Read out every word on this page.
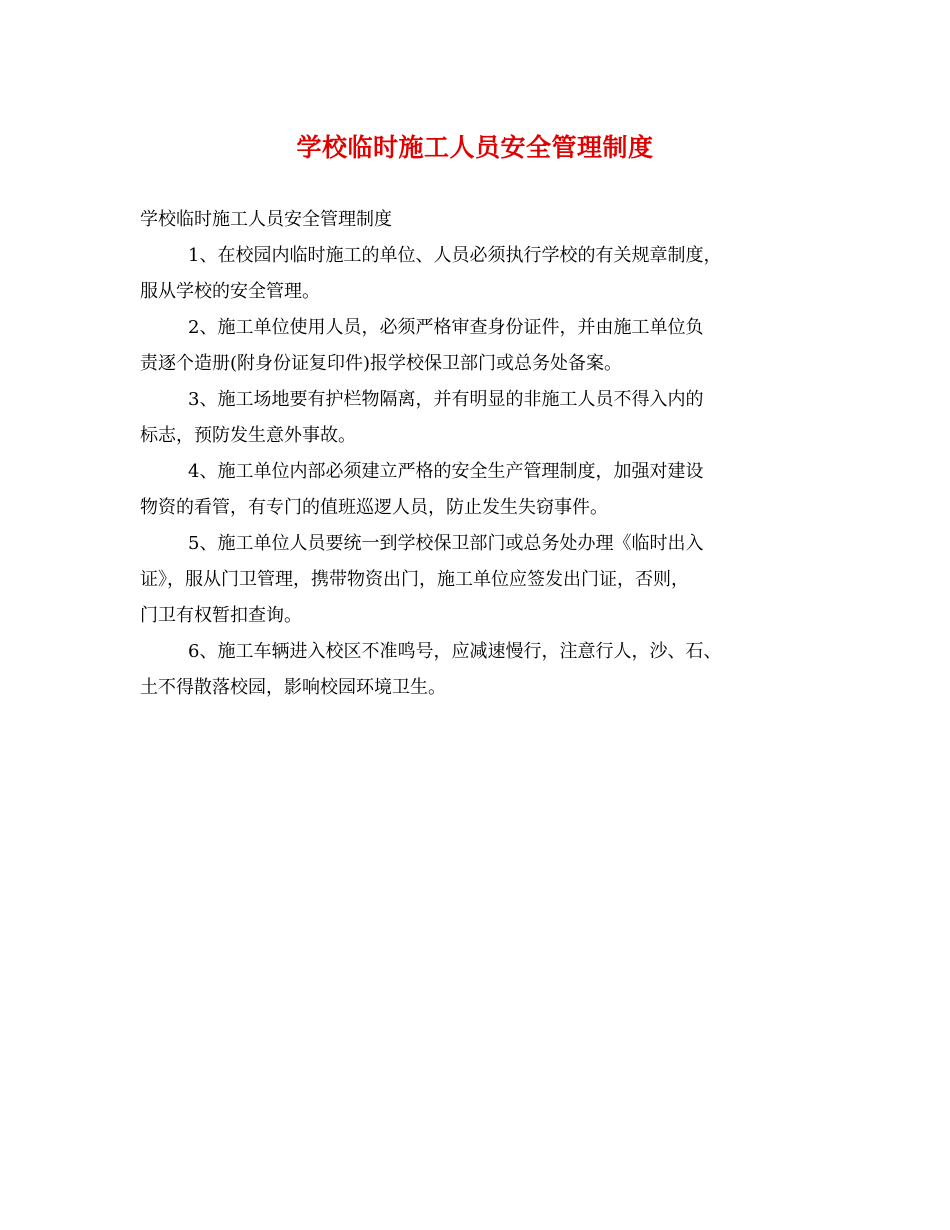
学校临时施工人员安全管理制度
学校临时施工人员安全管理制度
1、在校园内临时施工的单位、人员必须执行学校的有关规章制度，
服从学校的安全管理。
2、施工单位使用人员，必须严格审查身份证件，并由施工单位负
责逐个造册(附身份证复印件)报学校保卫部门或总务处备案。
3、施工场地要有护栏物隔离，并有明显的非施工人员不得入内的
标志，预防发生意外事故。
4、施工单位内部必须建立严格的安全生产管理制度，加强对建设
物资的看管，有专门的值班巡逻人员，防止发生失窃事件。
5、施工单位人员要统一到学校保卫部门或总务处办理《临时出入
证》，服从门卫管理，携带物资出门，施工单位应签发出门证，否则，
门卫有权暂扣查询。
6、施工车辆进入校区不准鸣号，应减速慢行，注意行人，沙、石、
土不得散落校园，影响校园环境卫生。
